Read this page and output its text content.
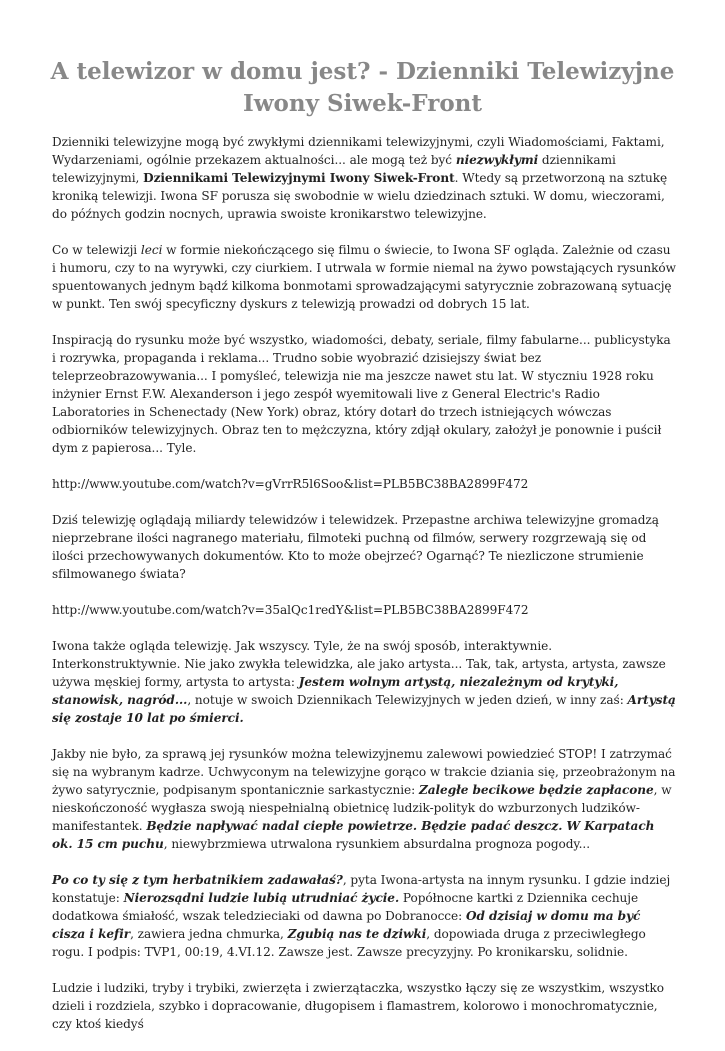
A telewizor w domu jest? - Dzienniki Telewizyjne Iwony Siwek-Front

Dzienniki telewizyjne mogą być zwykłymi dziennikami telewizyjnymi, czyli Wiadomościami, Faktami, Wydarzeniami, ogólnie przekazem aktualności... ale mogą też być niezwykłymi dziennikami telewizyjnymi, Dziennikami Telewizyjnymi Iwony Siwek-Front. Wtedy są przetworzoną na sztukę kroniką telewizji. Iwona SF porusza się swobodnie w wielu dziedzinach sztuki. W domu, wieczorami, do późnych godzin nocnych, uprawia swoiste kronikarstwo telewizyjne.

Co w telewizji leci w formie niekończącego się filmu o świecie, to Iwona SF ogląda. Zależnie od czasu i humoru, czy to na wyrywki, czy ciurkiem. I utrwala w formie niemal na żywo powstających rysunków spuentowanych jednym bądź kilkoma bonmotami sprowadzającymi satyrycznie zobrazowaną sytuację w punkt. Ten swój specyficzny dyskurs z telewizją prowadzi od dobrych 15 lat.

Inspiracją do rysunku może być wszystko, wiadomości, debaty, seriale, filmy fabularne... publicystyka i rozrywka, propaganda i reklama... Trudno sobie wyobrazić dzisiejszy świat bez teleprzeobrazowywania... I pomyśleć, telewizja nie ma jeszcze nawet stu lat. W styczniu 1928 roku inżynier Ernst F.W. Alexanderson i jego zespół wyemitowali live z General Electric's Radio Laboratories in Schenectady (New York) obraz, który dotarł do trzech istniejących wówczas odbiorników telewizyjnych. Obraz ten to mężczyzna, który zdjął okulary, założył je ponownie i puścił dym z papierosa... Tyle.

http://www.youtube.com/watch?v=gVrrR5l6Soo&list=PLB5BC38BA2899F472

Dziś telewizję oglądają miliardy telewidzów i telewidzek. Przepastne archiwa telewizyjne gromadzą nieprzebrane ilości nagranego materiału, filmoteki puchną od filmów, serwery rozgrzewają się od ilości przechowywanych dokumentów. Kto to może obejrzeć? Ogarnąć? Te niezliczone strumienie sfilmowanego świata?

http://www.youtube.com/watch?v=35alQc1redY&list=PLB5BC38BA2899F472

Iwona także ogląda telewizję. Jak wszyscy. Tyle, że na swój sposób, interaktywnie. Interkonstruktywnie. Nie jako zwykła telewidzka, ale jako artysta... Tak, tak, artysta, artysta, zawsze używa męskiej formy, artysta to artysta: Jestem wolnym artystą, niezależnym od krytyki, stanowisk, nagród..., notuje w swoich Dziennikach Telewizyjnych w jeden dzień, w inny zaś: Artystą się zostaje 10 lat po śmierci.

Jakby nie było, za sprawą jej rysunków można telewizyjnemu zalewowi powiedzieć STOP! I zatrzymać się na wybranym kadrze. Uchwyconym na telewizyjne gorąco w trakcie dziania się, przeobrażonym na żywo satyrycznie, podpisanym spontanicznie sarkastycznie: Zaległe becikowe będzie zapłacone, w nieskończoność wygłasza swoją niespełnialną obietnicę ludzik-polityk do wzburzonych ludzików-manifestantek. Będzie napływać nadal ciepłe powietrze. Będzie padać deszcz. W Karpatach ok. 15 cm puchu, niewybrzmiewa utrwalona rysunkiem absurdalna prognoza pogody...

Po co ty się z tym herbatnikiem zadawałaś?, pyta Iwona-artysta na innym rysunku. I gdzie indziej konstatuje: Nierozsądni ludzie lubią utrudniać życie. Popółnocne kartki z Dziennika cechuje dodatkowa śmiałość, wszak teledzieciaki od dawna po Dobranocce: Od dzisiaj w domu ma być cisza i kefir, zawiera jedna chmurka, Zgubią nas te dziwki, dopowiada druga z przeciwległego rogu. I podpis: TVP1, 00:19, 4.VI.12. Zawsze jest. Zawsze precyzyjny. Po kronikarsku, solidnie.

Ludzie i ludziki, tryby i trybiki, zwierzęta i zwierzątaczka, wszystko łączy się ze wszystkim, wszystko dzieli i rozdziela, szybko i dopracowanie, długopisem i flamastrem, kolorowo i monochromatycznie, czy ktoś kiedyś
